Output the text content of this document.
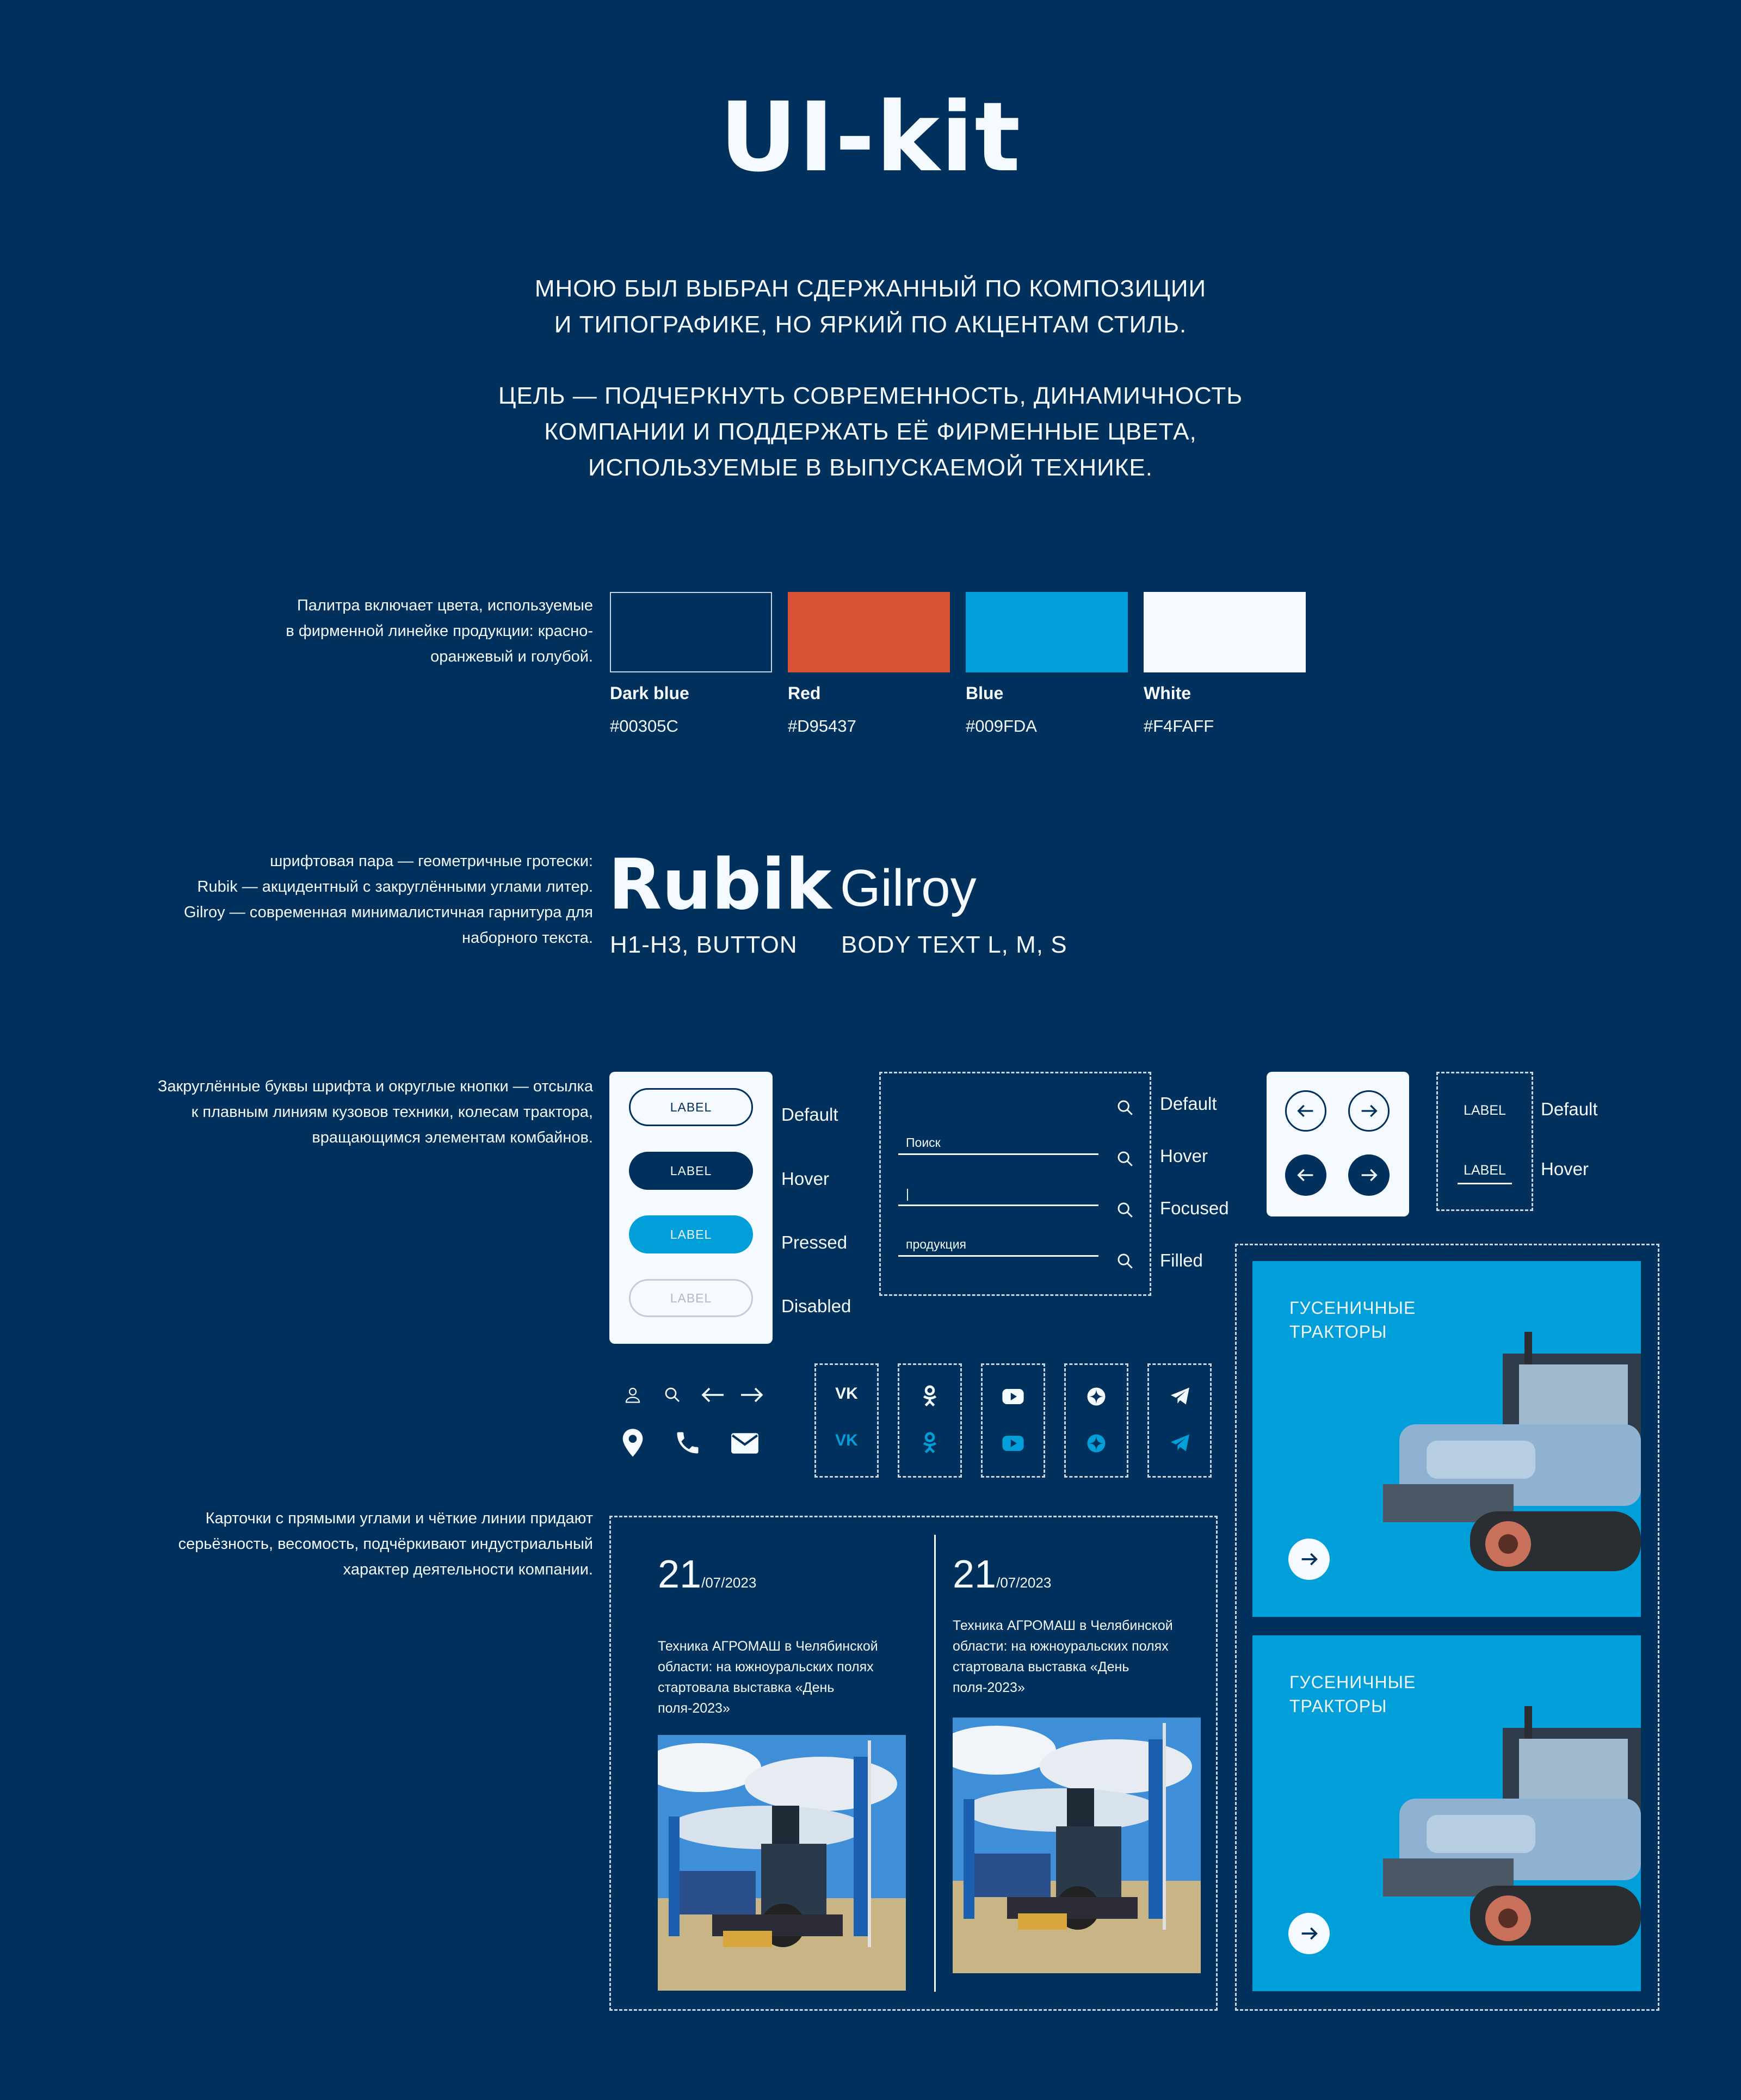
UI-kit
МНОЮ БЫЛ ВЫБРАН СДЕРЖАННЫЙ ПО КОМПОЗИЦИИ
И ТИПОГРАФИКЕ, НО ЯРКИЙ ПО АКЦЕНТАМ СТИЛЬ.
ЦЕЛЬ — ПОДЧЕРКНУТЬ СОВРЕМЕННОСТЬ, ДИНАМИЧНОСТЬ
КОМПАНИИ И ПОДДЕРЖАТЬ ЕЁ ФИРМЕННЫЕ ЦВЕТА,
ИСПОЛЬЗУЕМЫЕ В ВЫПУСКАЕМОЙ ТЕХНИКЕ.
Палитра включает цвета, используемые
в фирменной линейке продукции: красно-
оранжевый и голубой.
Dark blue	Red	Blue	White
#00305C	#D95437	#009FDA	#F4FAFF
шрифтовая пара — геометричные гротески:
Rubik — акцидентный с закруглёнными углами литер.
Gilroy — современная минималистичная гарнитура для
наборного текста.
Rubik Gilroy
H1-H3, BUTTON BODY TEXT L, M, S
Закруглённые буквы шрифта и округлые кнопки — отсылка
к плавным линиям кузовов техники, колесам трактора,
вращающимся элементам комбайнов.
LABEL
LABEL
LABEL
LABEL
Default
Hover
Pressed
Disabled
Поиск
|
продукция
Default
Hover
Focused
Filled
LABEL
LABEL
Default
Hover
VK
VK
Карточки с прямыми углами и чёткие линии придают
серьёзность, весомость, подчёркивают индустриальный
характер деятельности компании. 21 /07/2023
Техника АГРОМАШ в Челябинской
области: на южноуральских полях
стартовала выставка «День
поля-2023»
21 /07/2023
Техника АГРОМАШ в Челябинской
области: на южноуральских полях
стартовала выставка «День
поля-2023»
ГУСЕНИЧНЫЕ
ТРАКТОРЫ
ГУСЕНИЧНЫЕ
ТРАКТОРЫ
